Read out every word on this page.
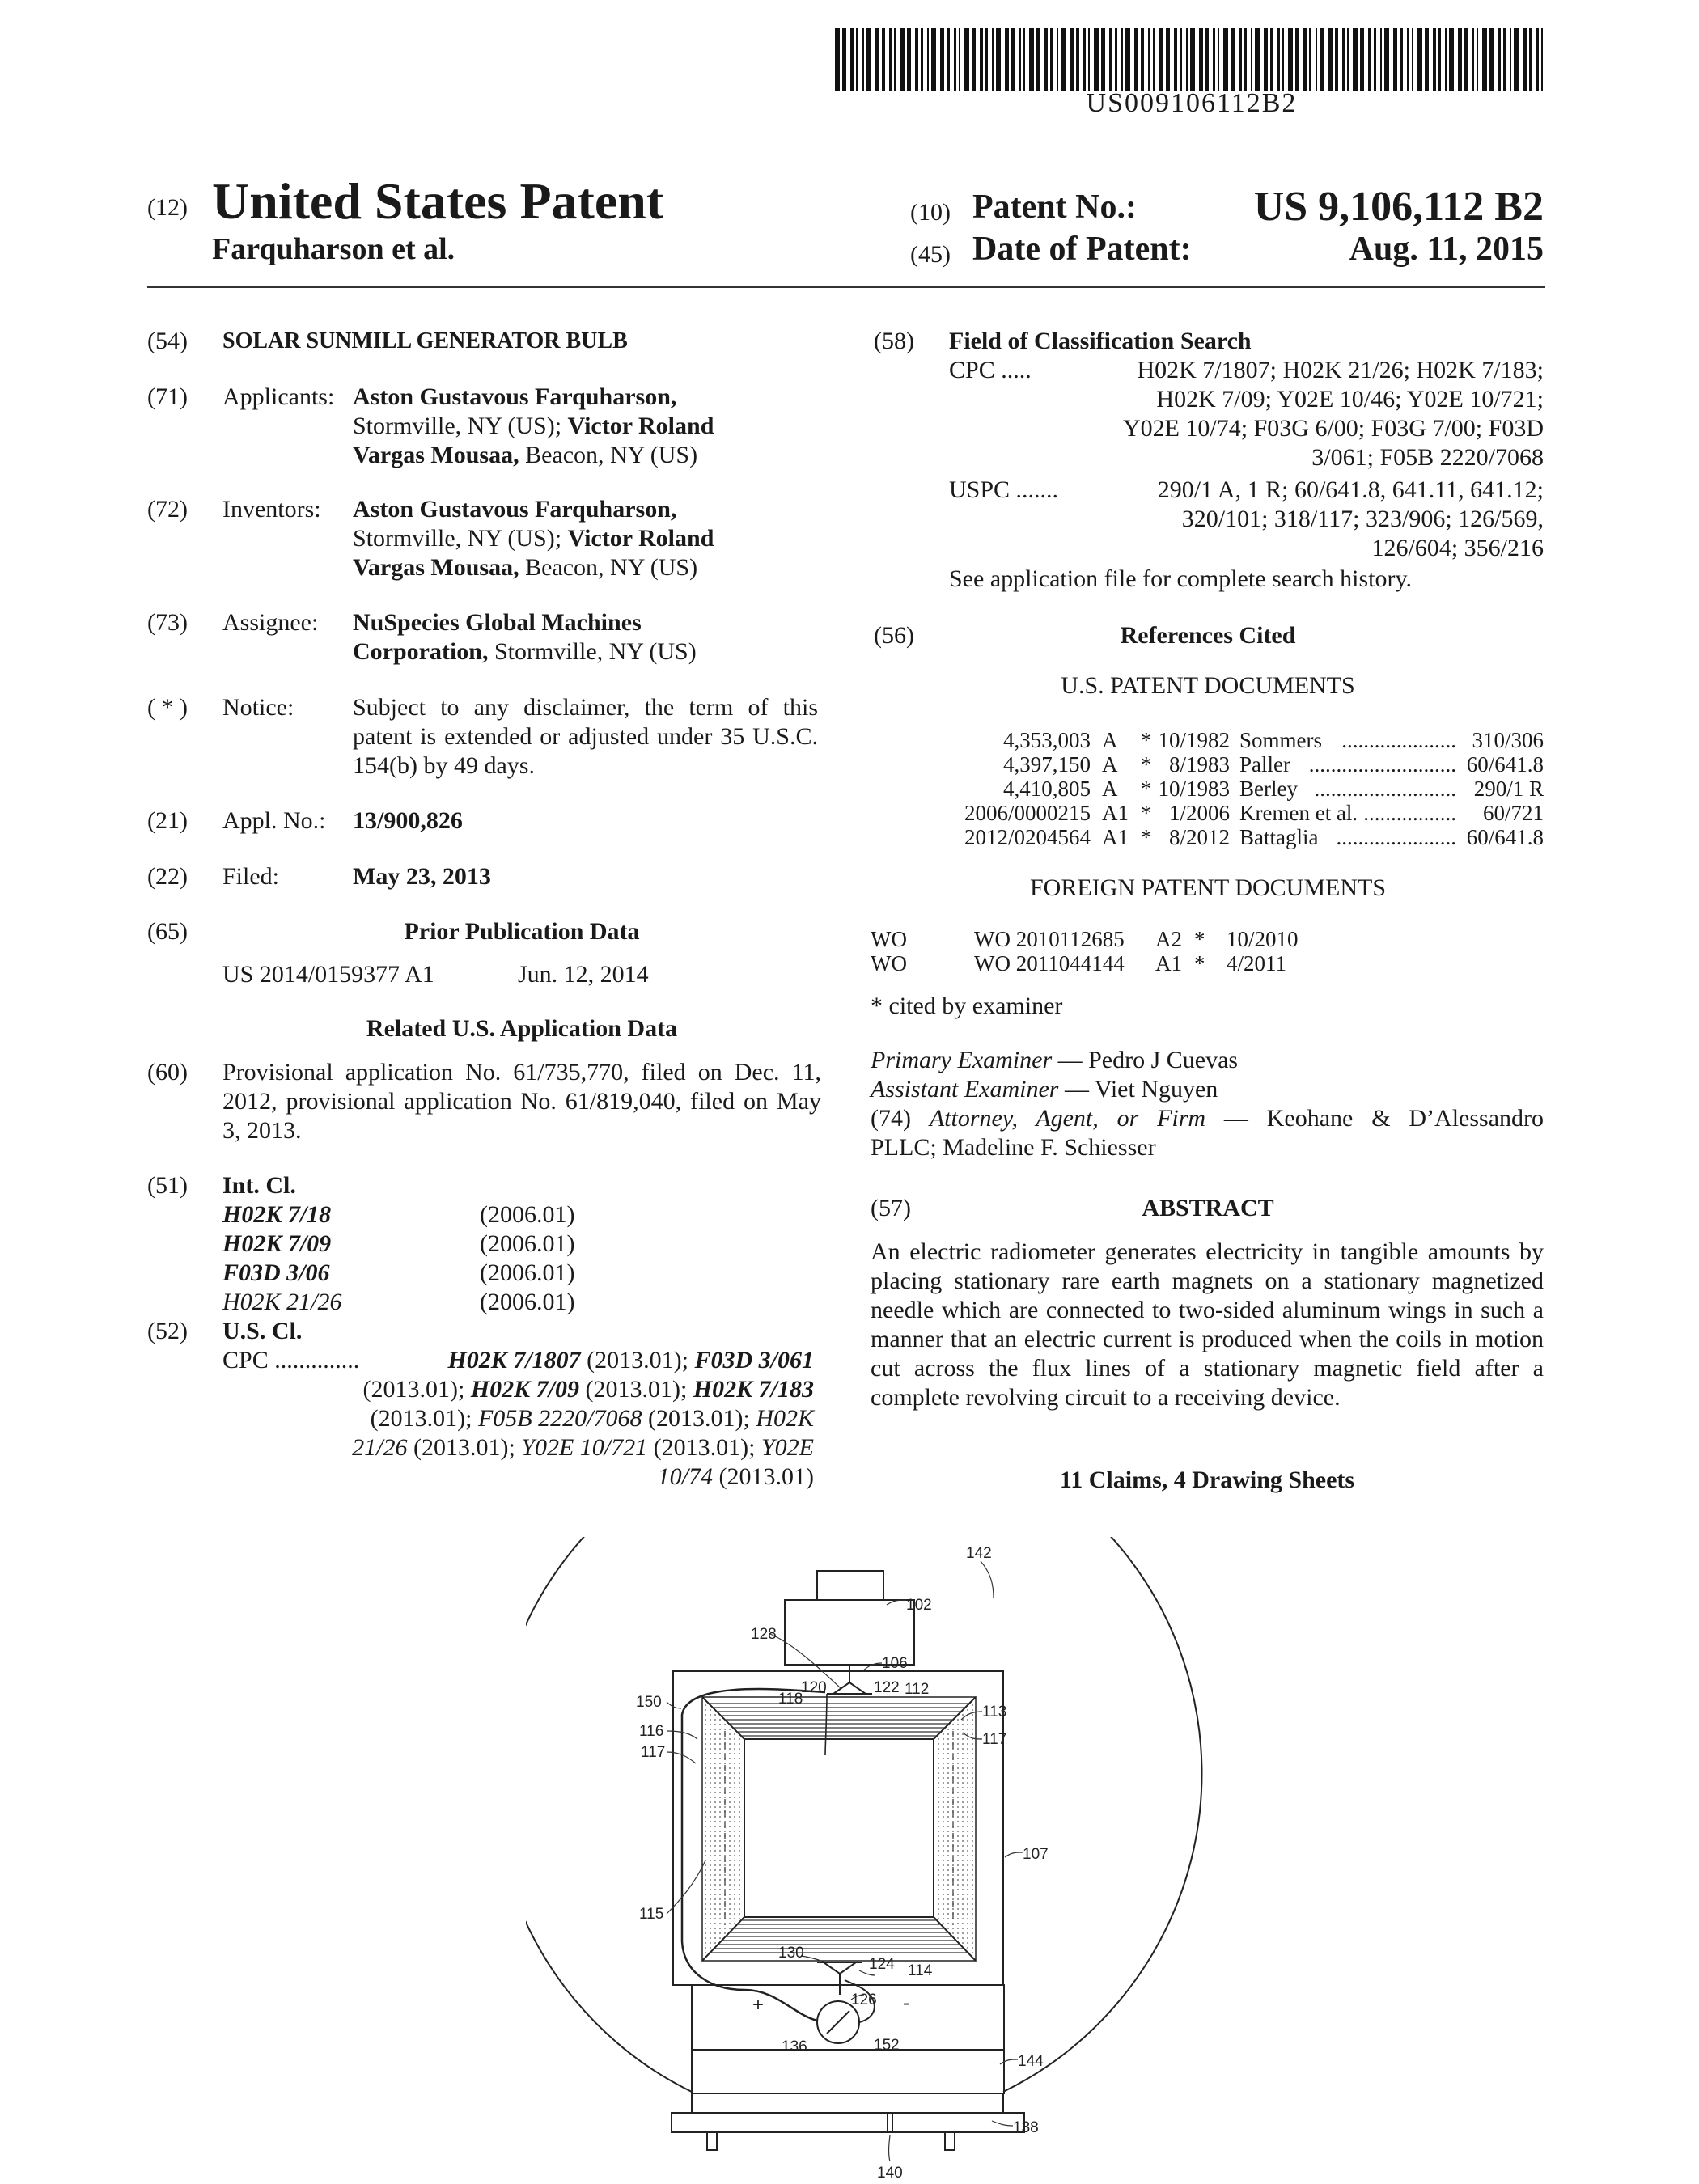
US009106112B2
(12) United States Patent
Farquharson et al.
(10) Patent No.:	US 9,106,112 B2
(45) Date of Patent:	Aug. 11, 2015
(54) SOLAR SUNMILL GENERATOR BULB
(71) Applicants: Aston Gustavous Farquharson,
Stormville, NY (US); Victor Roland
Vargas Mousaa, Beacon, NY (US)
(72) Inventors: Aston Gustavous Farquharson,
Stormville, NY (US); Victor Roland
Vargas Mousaa, Beacon, NY (US)
(73) Assignee: NuSpecies Global Machines
Corporation, Stormville, NY (US)
( * ) Notice: Subject to any disclaimer, the term of this patent is extended or adjusted under 35 U.S.C. 154(b) by 49 days.
(21) Appl. No.: 13/900,826
(22) Filed:	May 23, 2013
(65)	Prior Publication Data
US 2014/0159377 A1	Jun. 12, 2014
Related U.S. Application Data
(60) Provisional application No. 61/735,770, filed on Dec. 11, 2012, provisional application No. 61/819,040, filed on May 3, 2013.
(51) Int. Cl.
H02K 7/18	(2006.01)
H02K 7/09	(2006.01)
F03D 3/06	(2006.01)
H02K 21/26	(2006.01)
(52) U.S. Cl.
CPC ..............	H02K 7/1807 (2013.01); F03D 3/061
(2013.01); H02K 7/09 (2013.01); H02K 7/183
(2013.01); F05B 2220/7068 (2013.01); H02K
21/26 (2013.01); Y02E 10/721 (2013.01); Y02E
10/74 (2013.01)
(58) Field of Classification Search
CPC .....	H02K 7/1807; H02K 21/26; H02K 7/183;
H02K 7/09; Y02E 10/46; Y02E 10/721;
Y02E 10/74; F03G 6/00; F03G 7/00; F03D
3/061; F05B 2220/7068
USPC .......	290/1 A, 1 R; 60/641.8, 641.11, 641.12;
320/101; 318/117; 323/906; 126/569,
126/604; 356/216
See application file for complete search history.
(56)	References Cited
U.S. PATENT DOCUMENTS
4,353,003 A * 10/1982 Sommers ..................... 310/306
4,397,150 A * 8/1983 Paller ........................... 60/641.8
4,410,805 A * 10/1983 Berley .......................... 290/1 R
2006/0000215 A1 * 1/2006 Kremen et al. ................. 60/721
2012/0204564 A1 * 8/2012 Battaglia ...................... 60/641.8
FOREIGN PATENT DOCUMENTS
WO	WO 2010112685 A2 * 10/2010
WO	WO 2011044144 A1 * 4/2011
* cited by examiner
Primary Examiner — Pedro J Cuevas
Assistant Examiner — Viet Nguyen
(74) Attorney, Agent, or Firm — Keohane & D’Alessandro
PLLC; Madeline F. Schiesser
(57)	ABSTRACT
An electric radiometer generates electricity in tangible amounts by placing stationary rare earth magnets on a stationary magnetized needle which are connected to two-sided aluminum wings in such a manner that an electric current is produced when the coils in motion cut across the flux lines of a stationary magnetic field after a complete revolving circuit to a receiving device.
11 Claims, 4 Drawing Sheets
142
102
128
106
120	122
118
112
113
117
150
116
117
107
115
130
124 114
126
+	-
136	152
144
138
140
